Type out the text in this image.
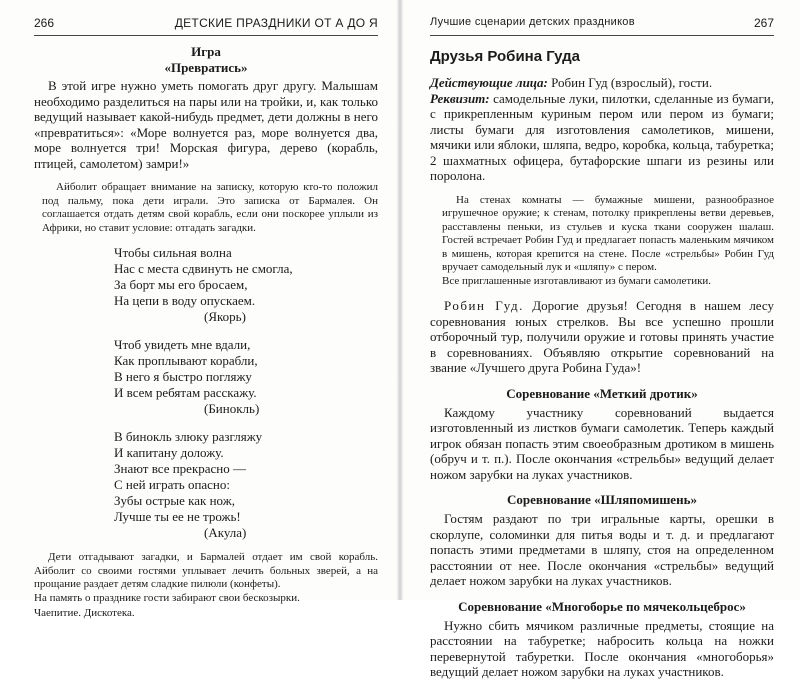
266	ДЕТСКИЕ ПРАЗДНИКИ ОТ А ДО Я

Игра

«Превратись»

В этой игре нужно уметь помогать друг другу. Малышам необходимо разделиться на пары или на тройки, и, как только ведущий называет какой-нибудь предмет, дети должны в него «превратиться»: «Море волнуется раз, море волнуется два, море волнуется три! Морская фигура, дерево (корабль, птицей, самолетом) замри!»

Айболит обращает внимание на записку, которую кто-то положил под пальму, пока дети играли. Это записка от Бармалея. Он соглашается отдать детям свой корабль, если они поскорее уплыли из Африки, но ставит условие: отгадать загадки.

Чтобы сильная волна

Нас с места сдвинуть не смогла,

За борт мы его бросаем,

На цепи в воду опускаем.

(Якорь)

Чтоб увидеть мне вдали,

Как проплывают корабли,

В него я быстро погляжу

И всем ребятам расскажу.

(Бинокль)

В бинокль злюку разгляжу

И капитану доложу.

Знают все прекрасно —

С ней играть опасно:

Зубы острые как нож,

Лучше ты ее не трожь!

(Акула)

Дети отгадывают загадки, и Бармалей отдает им свой корабль. Айболит со своими гостями уплывает лечить больных зверей, а на прощание раздает детям сладкие пилюли (конфеты).

На память о празднике гости забирают свои бескозырки.

Чаепитие. Дискотека.

Лучшие сценарии детских праздников	267
Друзья Робина Гуда

Действующие лица: Робин Гуд (взрослый), гости.

Реквизит: самодельные луки, пилотки, сделанные из бумаги, с прикрепленным куриным пером или пером из бумаги; листы бумаги для изготовления самолетиков, мишени, мячики или яблоки, шляпа, ведро, коробка, кольца, табуретка; 2 шахматных офицера, бутафорские шпаги из резины или поролона.

На стенах комнаты — бумажные мишени, разнообразное игрушечное оружие; к стенам, потолку прикреплены ветви деревьев, расставлены пеньки, из стульев и куска ткани сооружен шалаш. Гостей встречает Робин Гуд и предлагает попасть маленьким мячиком в мишень, которая крепится на стене. После «стрельбы» Робин Гуд вручает самодельный лук и «шляпу» с пером.

Все приглашенные изготавливают из бумаги самолетики.

Робин Гуд. Дорогие друзья! Сегодня в нашем лесу соревнования юных стрелков. Вы все успешно прошли отборочный тур, получили оружие и готовы принять участие в соревнованиях. Объявляю открытие соревнований на звание «Лучшего друга Робина Гуда»!

Соревнование «Меткий дротик»

Каждому участнику соревнований выдается изготовленный из листков бумаги самолетик. Теперь каждый игрок обязан попасть этим своеобразным дротиком в мишень (обруч и т. п.). После окончания «стрельбы» ведущий делает ножом зарубки на луках участников.

Соревнование «Шляпомишень»

Гостям раздают по три игральные карты, орешки в скорлупе, соломинки для питья воды и т. д. и предлагают попасть этими предметами в шляпу, стоя на определенном расстоянии от нее. После окончания «стрельбы» ведущий делает ножом зарубки на луках участников.

Соревнование «Многоборье по мячекольцеброс»

Нужно сбить мячиком различные предметы, стоящие на расстоянии на табуретке; набросить кольца на ножки перевернутой табуретки. После окончания «многоборья» ведущий делает ножом зарубки на луках участников.
